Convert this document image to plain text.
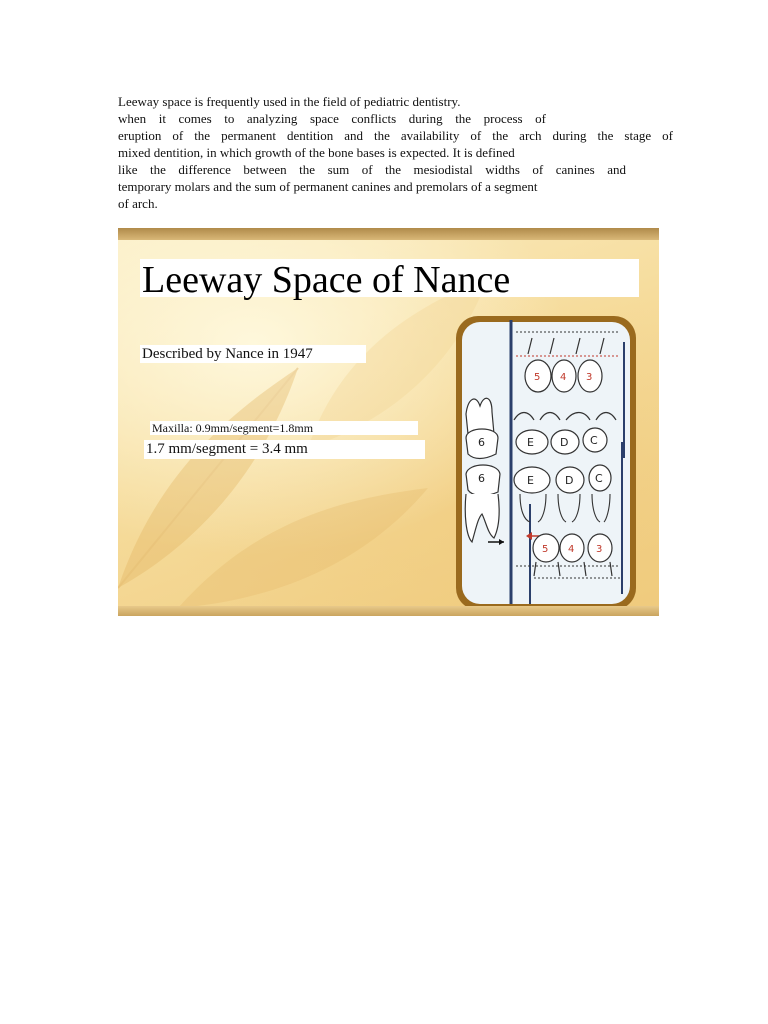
Leeway space is frequently used in the field of pediatric dentistry.
when it comes to analyzing space conflicts during the process of
eruption of the permanent dentition and the availability of the arch during the stage of
mixed dentition, in which growth of the bone bases is expected. It is defined
like the difference between the sum of the mesiodistal widths of canines and
temporary molars and the sum of permanent canines and premolars of a segment
of arch.
Leeway Space of Nance
Described by Nance in 1947
Maxilla: 0.9mm/segment=1.8mm
1.7 mm/segment = 3.4 mm
5 4 3
6	E D C
6	E	D C
5 4 3
